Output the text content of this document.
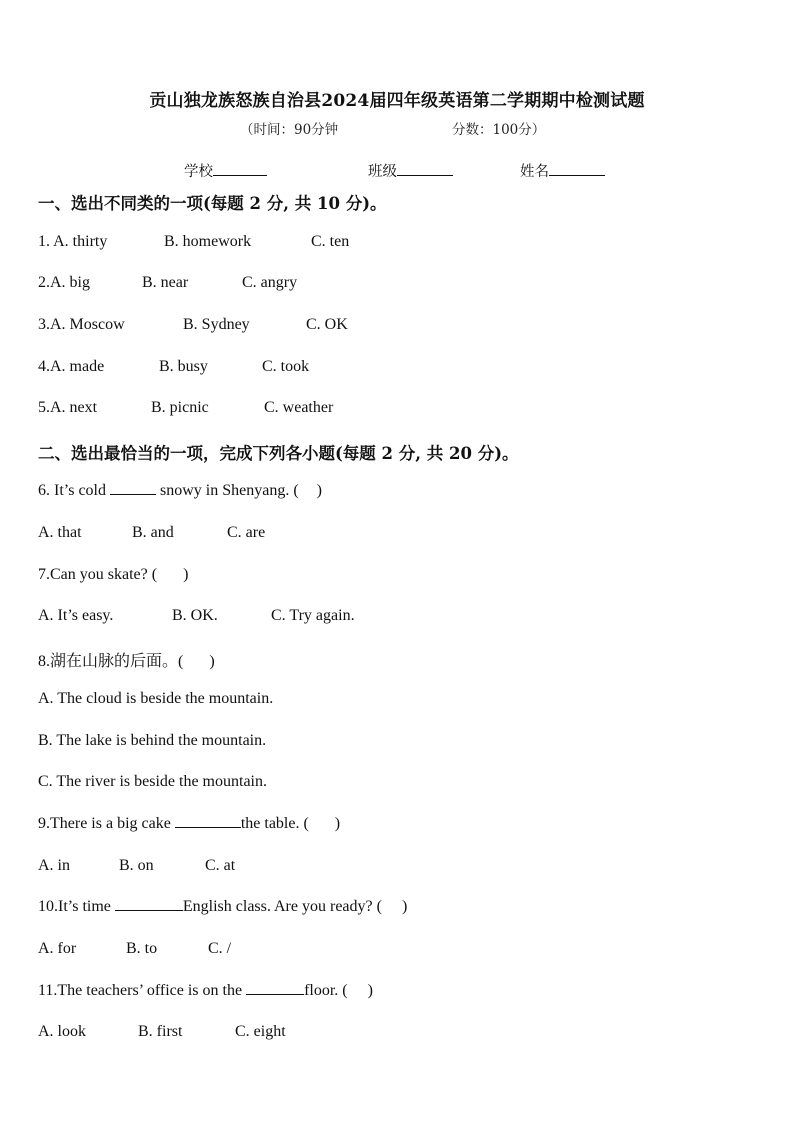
贡山独龙族怒族自治县2024届四年级英语第二学期期中检测试题
（时间：90分钟	分数：100分）
学校	班级	姓名
一、选出不同类的一项(每题 2 分, 共 10 分)。
1. A. thirty	B. homework	C. ten
2.A. big	B. near	C. angry
3.A. Moscow	B. Sydney	C. OK
4.A. made	B. busy	C. took
5.A. next	B. picnic	C. weather
二、选出最恰当的一项，完成下列各小题(每题 2 分, 共 20 分)。
6. It’s cold	snowy in Shenyang. ( )
A. that	B. and	C. are
7.Can you skate? ( )
A. It’s easy.	B. OK.	C. Try again.
8.湖在山脉的后面。( )
A. The cloud is beside the mountain.
B. The lake is behind the mountain.
C. The river is beside the mountain.
9.There is a big cake	the table. ( )
A. in	B. on	C. at
10.It’s time	English class. Are you ready? ( )
A. for	B. to	C. /
11.The teachers’ office is on the	floor. ( )
A. look	B. first	C. eight
